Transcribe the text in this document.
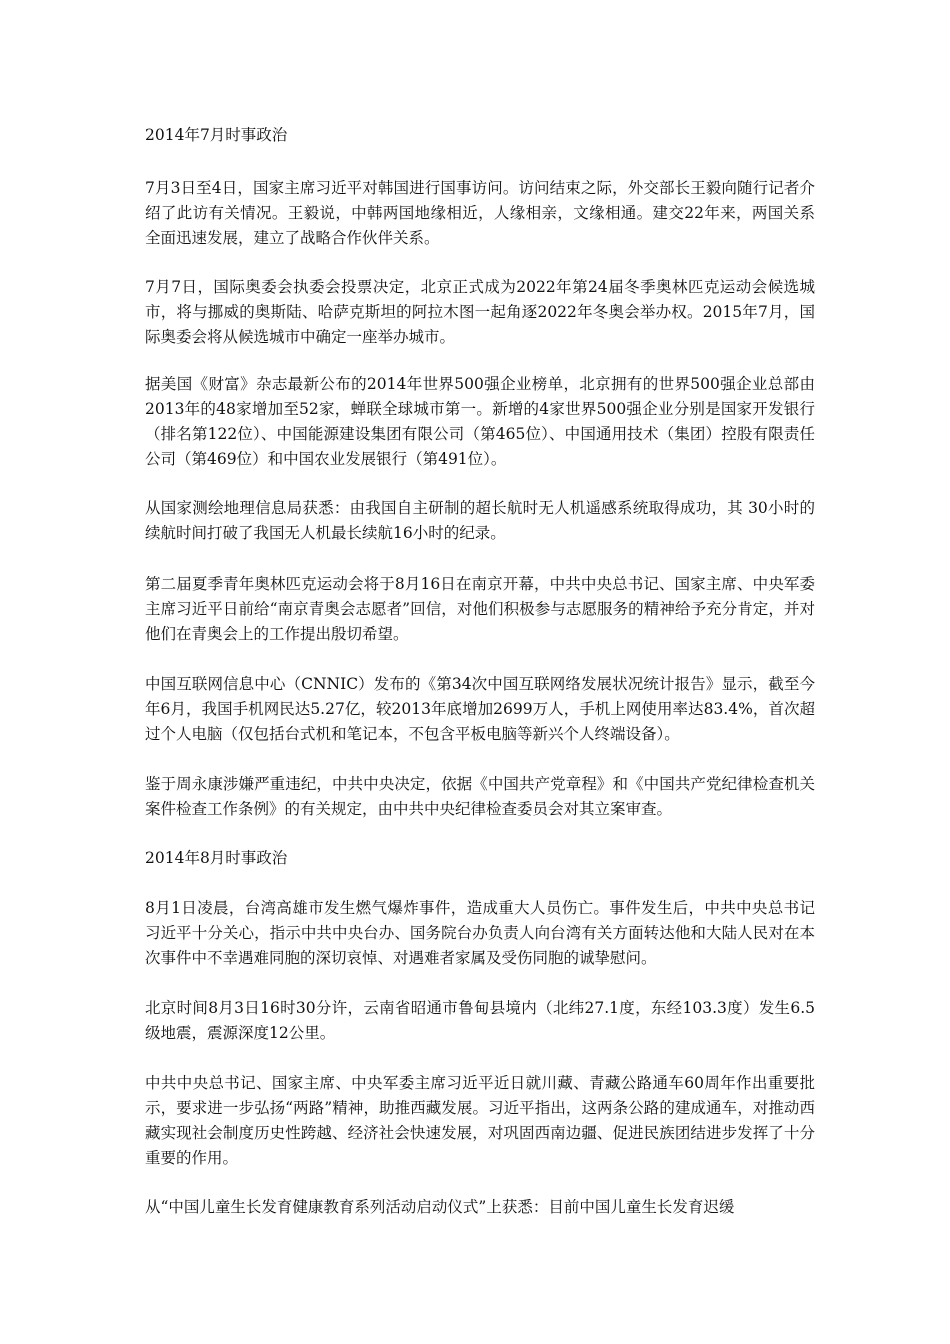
2014年7月时事政治

7月3日至4日，国家主席习近平对韩国进行国事访问。访问结束之际，外交部长王毅向随行记者介绍了此访有关情况。王毅说，中韩两国地缘相近，人缘相亲，文缘相通。建交22年来，两国关系全面迅速发展，建立了战略合作伙伴关系。

7月7日，国际奥委会执委会投票决定，北京正式成为2022年第24届冬季奥林匹克运动会候选城市，将与挪威的奥斯陆、哈萨克斯坦的阿拉木图一起角逐2022年冬奥会举办权。2015年7月，国际奥委会将从候选城市中确定一座举办城市。

据美国《财富》杂志最新公布的2014年世界500强企业榜单，北京拥有的世界500强企业总部由2013年的48家增加至52家，蝉联全球城市第一。新增的4家世界500强企业分别是国家开发银行（排名第122位）、中国能源建设集团有限公司（第465位）、中国通用技术（集团）控股有限责任公司（第469位）和中国农业发展银行（第491位）。

从国家测绘地理信息局获悉：由我国自主研制的超长航时无人机遥感系统取得成功，其 30小时的续航时间打破了我国无人机最长续航16小时的纪录。

第二届夏季青年奥林匹克运动会将于8月16日在南京开幕，中共中央总书记、国家主席、中央军委主席习近平日前给“南京青奥会志愿者”回信，对他们积极参与志愿服务的精神给予充分肯定，并对他们在青奥会上的工作提出殷切希望。

中国互联网信息中心（CNNIC）发布的《第34次中国互联网络发展状况统计报告》显示，截至今年6月，我国手机网民达5.27亿，较2013年底增加2699万人，手机上网使用率达83.4%，首次超过个人电脑（仅包括台式机和笔记本，不包含平板电脑等新兴个人终端设备）。

鉴于周永康涉嫌严重违纪，中共中央决定，依据《中国共产党章程》和《中国共产党纪律检查机关案件检查工作条例》的有关规定，由中共中央纪律检查委员会对其立案审查。

2014年8月时事政治

8月1日凌晨，台湾高雄市发生燃气爆炸事件，造成重大人员伤亡。事件发生后，中共中央总书记习近平十分关心，指示中共中央台办、国务院台办负责人向台湾有关方面转达他和大陆人民对在本次事件中不幸遇难同胞的深切哀悼、对遇难者家属及受伤同胞的诚挚慰问。

北京时间8月3日16时30分许，云南省昭通市鲁甸县境内（北纬27.1度，东经103.3度）发生6.5级地震，震源深度12公里。

中共中央总书记、国家主席、中央军委主席习近平近日就川藏、青藏公路通车60周年作出重要批示，要求进一步弘扬“两路”精神，助推西藏发展。习近平指出，这两条公路的建成通车，对推动西藏实现社会制度历史性跨越、经济社会快速发展，对巩固西南边疆、促进民族团结进步发挥了十分重要的作用。

从“中国儿童生长发育健康教育系列活动启动仪式”上获悉：目前中国儿童生长发育迟缓
